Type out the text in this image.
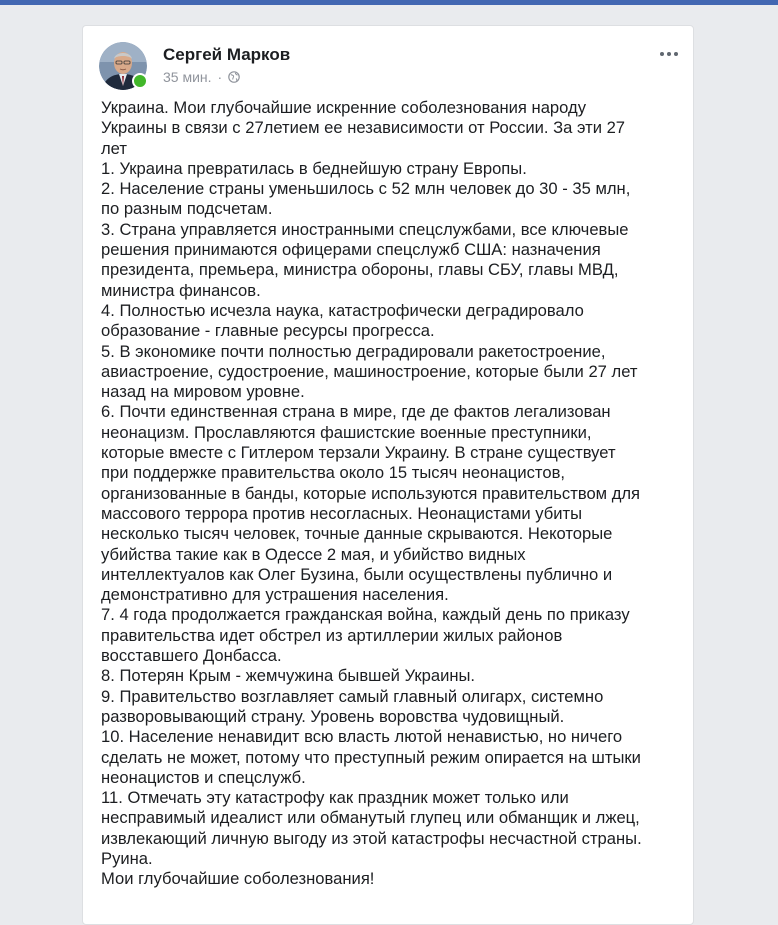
Сергей Марков
35 мин. ·

Украина. Мои глубочайшие искренние соболезнования народу

Украины в связи с 27летием ее независимости от России. За эти 27

лет

1. Украина превратилась в беднейшую страну Европы.

2. Население страны уменьшилось с 52 млн человек до 30 - 35 млн,

по разным подсчетам.

3. Страна управляется иностранными спецслужбами, все ключевые

решения принимаются офицерами спецслужб США: назначения

президента, премьера, министра обороны, главы СБУ, главы МВД,

министра финансов.

4. Полностью исчезла наука, катастрофически деградировало

образование - главные ресурсы прогресса.

5. В экономике почти полностью деградировали ракетостроение,

авиастроение, судостроение, машиностроение, которые были 27 лет

назад на мировом уровне.

6. Почти единственная страна в мире, где де фактов легализован

неонацизм. Прославляются фашистские военные преступники,

которые вместе с Гитлером терзали Украину. В стране существует

при поддержке правительства около 15 тысяч неонацистов,

организованные в банды, которые используются правительством для

массового террора против несогласных. Неонацистами убиты

несколько тысяч человек, точные данные скрываются. Некоторые

убийства такие как в Одессе 2 мая, и убийство видных

интеллектуалов как Олег Бузина, были осуществлены публично и

демонстративно для устрашения населения.

7. 4 года продолжается гражданская война, каждый день по приказу

правительства идет обстрел из артиллерии жилых районов

восставшего Донбасса.

8. Потерян Крым - жемчужина бывшей Украины.

9. Правительство возглавляет самый главный олигарх, системно

разворовывающий страну. Уровень воровства чудовищный.

10. Население ненавидит всю власть лютой ненавистью, но ничего

сделать не может, потому что преступный режим опирается на штыки

неонацистов и спецслужб.

11. Отмечать эту катастрофу как праздник может только или

несправимый идеалист или обманутый глупец или обманщик и лжец,

извлекающий личную выгоду из этой катастрофы несчастной страны.

Руина.

Мои глубочайшие соболезнования!
